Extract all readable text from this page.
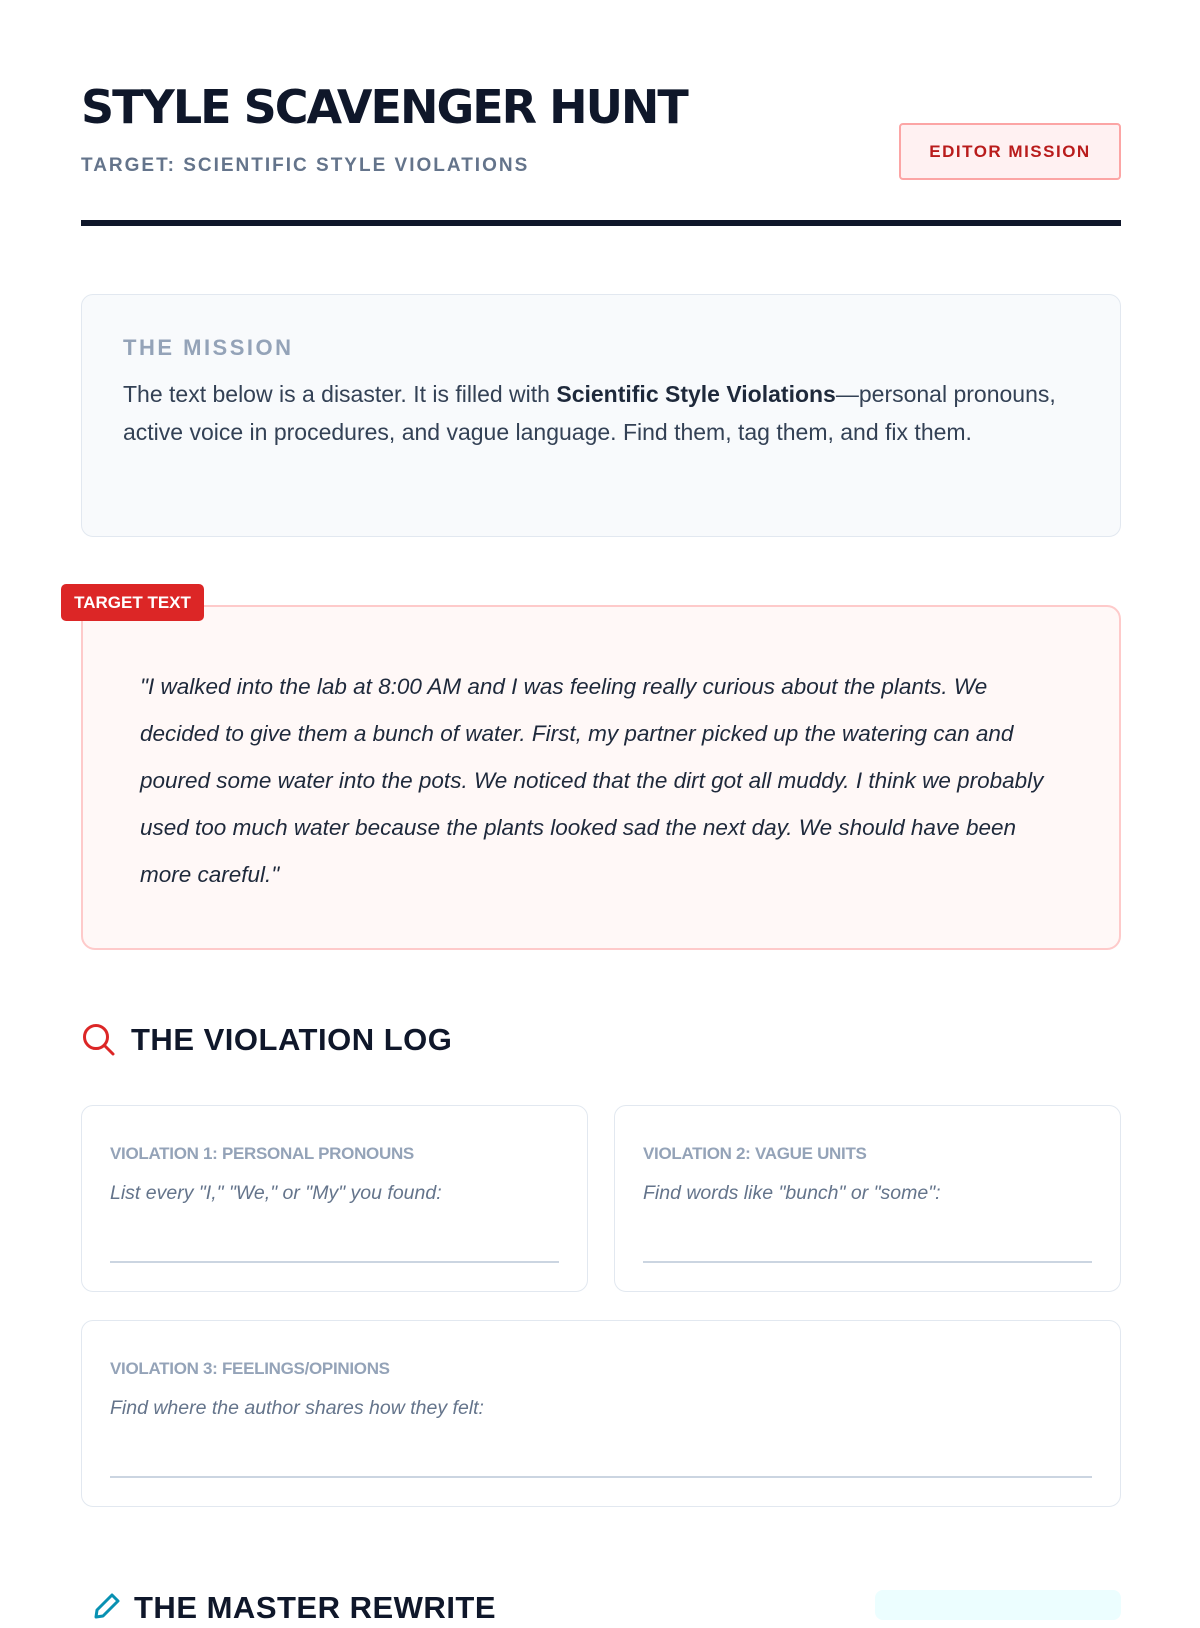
STYLE SCAVENGER HUNT
TARGET: SCIENTIFIC STYLE VIOLATIONS
EDITOR MISSION
THE MISSION

The text below is a disaster. It is filled with Scientific Style Violations—personal pronouns, active voice in procedures, and vague language. Find them, tag them, and fix them.

"I walked into the lab at 8:00 AM and I was feeling really curious about the plants. We decided to give them a bunch of water. First, my partner picked up the watering can and poured some water into the pots. We noticed that the dirt got all muddy. I think we probably used too much water because the plants looked sad the next day. We should have been more careful."

TARGET TEXT
THE VIOLATION LOG
VIOLATION 1: PERSONAL PRONOUNS
List every "I," "We," or "My" you found:
VIOLATION 2: VAGUE UNITS
Find words like "bunch" or "some":
VIOLATION 3: FEELINGS/OPINIONS
Find where the author shares how they felt:
THE MASTER REWRITE
